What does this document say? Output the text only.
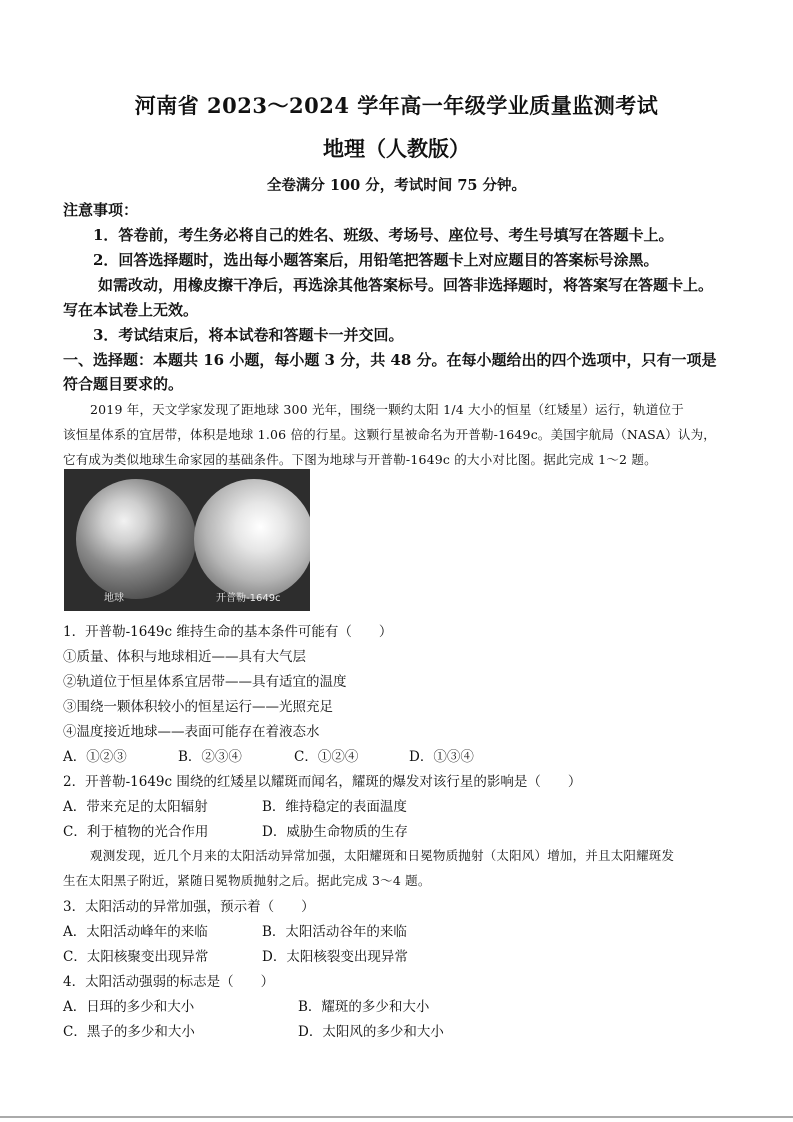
河南省 2023～2024 学年高一年级学业质量监测考试
地理（人教版）
全卷满分 100 分，考试时间 75 分钟。
注意事项：
1．答卷前，考生务必将自己的姓名、班级、考场号、座位号、考生号填写在答题卡上。
2．回答选择题时，选出每小题答案后，用铅笔把答题卡上对应题目的答案标号涂黑。
如需改动，用橡皮擦干净后，再选涂其他答案标号。回答非选择题时，将答案写在答题卡上。
写在本试卷上无效。
3．考试结束后，将本试卷和答题卡一并交回。
一、选择题：本题共 16 小题，每小题 3 分，共 48 分。在每小题给出的四个选项中，只有一项是
符合题目要求的。
2019 年，天文学家发现了距地球 300 光年，围绕一颗约太阳 1/4 大小的恒星（红矮星）运行，轨道位于
该恒星体系的宜居带，体积是地球 1.06 倍的行星。这颗行星被命名为开普勒-1649c。美国宇航局（NASA）认为，
它有成为类似地球生命家园的基础条件。下图为地球与开普勒-1649c 的大小对比图。据此完成 1～2 题。
地球	开普勒-1649c
1．开普勒-1649c 维持生命的基本条件可能有（　　）
①质量、体积与地球相近——具有大气层
②轨道位于恒星体系宜居带——具有适宜的温度
③围绕一颗体积较小的恒星运行——光照充足
④温度接近地球——表面可能存在着液态水
A．①②③	B．②③④	C．①②④	D．①③④
2．开普勒-1649c 围绕的红矮星以耀斑而闻名，耀斑的爆发对该行星的影响是（　　）
A．带来充足的太阳辐射	B．维持稳定的表面温度
C．利于植物的光合作用	D．威胁生命物质的生存
观测发现，近几个月来的太阳活动异常加强，太阳耀斑和日冕物质抛射（太阳风）增加，并且太阳耀斑发
生在太阳黑子附近，紧随日冕物质抛射之后。据此完成 3～4 题。
3．太阳活动的异常加强，预示着（　　）
A．太阳活动峰年的来临	B．太阳活动谷年的来临
C．太阳核聚变出现异常	D．太阳核裂变出现异常
4．太阳活动强弱的标志是（　　）
A．日珥的多少和大小	B．耀斑的多少和大小
C．黑子的多少和大小	D．太阳风的多少和大小
